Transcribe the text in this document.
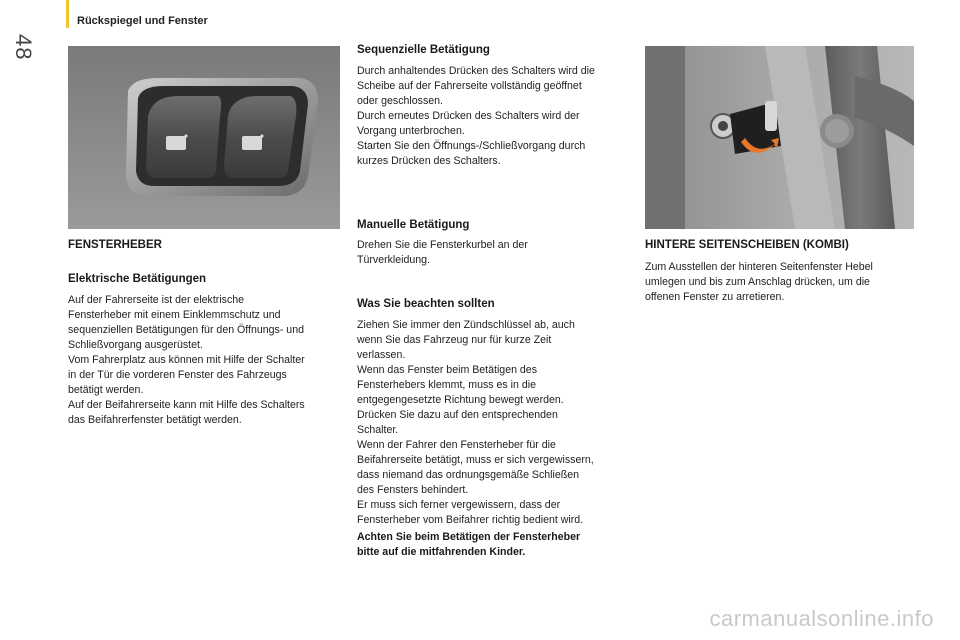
48
Rückspiegel und Fenster
FENSTERHEBER
Elektrische Betätigungen
Auf der Fahrerseite ist der elektrische
Fensterheber mit einem Einklemmschutz und
sequenziellen Betätigungen für den Öffnungs- und
Schließvorgang ausgerüstet.
Vom Fahrerplatz aus können mit Hilfe der Schalter
in der Tür die vorderen Fenster des Fahrzeugs
betätigt werden.
Auf der Beifahrerseite kann mit Hilfe des Schalters
das Beifahrerfenster betätigt werden.
Sequenzielle Betätigung
Durch anhaltendes Drücken des Schalters wird die
Scheibe auf der Fahrerseite vollständig geöffnet
oder geschlossen.
Durch erneutes Drücken des Schalters wird der
Vorgang unterbrochen.
Starten Sie den Öffnungs-/Schließvorgang durch
kurzes Drücken des Schalters.
Manuelle Betätigung
Drehen Sie die Fensterkurbel an der
Türverkleidung.
Was Sie beachten sollten
Ziehen Sie immer den Zündschlüssel ab, auch
wenn Sie das Fahrzeug nur für kurze Zeit
verlassen.
Wenn das Fenster beim Betätigen des
Fensterhebers klemmt, muss es in die
entgegengesetzte Richtung bewegt werden.
Drücken Sie dazu auf den entsprechenden
Schalter.
Wenn der Fahrer den Fensterheber für die
Beifahrerseite betätigt, muss er sich vergewissern,
dass niemand das ordnungsgemäße Schließen
des Fensters behindert.
Er muss sich ferner vergewissern, dass der
Fensterheber vom Beifahrer richtig bedient wird.
Achten Sie beim Betätigen der Fensterheber
bitte auf die mitfahrenden Kinder.
HINTERE SEITENSCHEIBEN (KOMBI)
Zum Ausstellen der hinteren Seitenfenster Hebel
umlegen und bis zum Anschlag drücken, um die
offenen Fenster zu arretieren.
carmanualsonline.info
